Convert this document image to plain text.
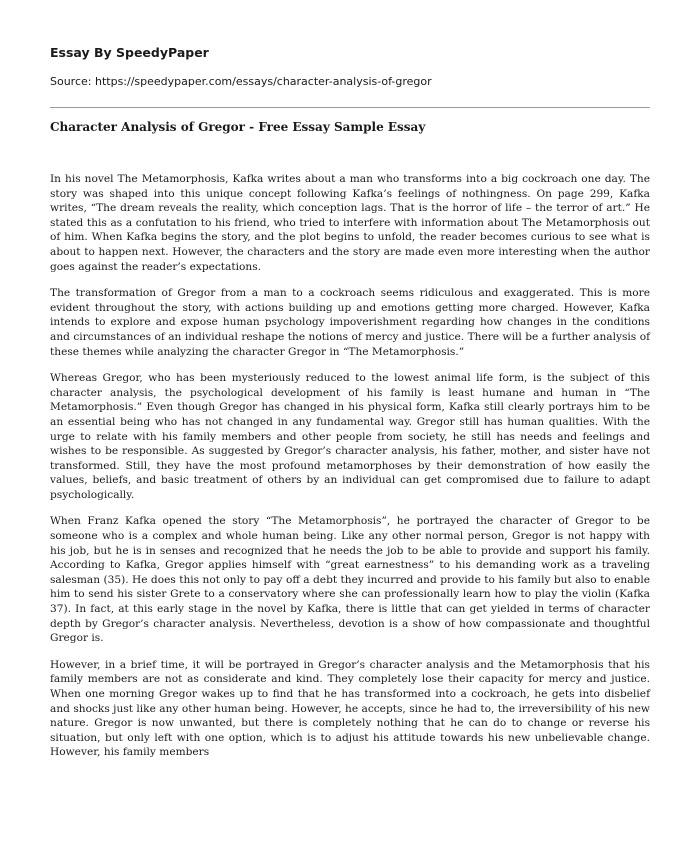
Essay By SpeedyPaper

Source: https://speedypaper.com/essays/character-analysis-of-gregor

Character Analysis of Gregor - Free Essay Sample Essay

In his novel The Metamorphosis, Kafka writes about a man who transforms into a big cockroach one day. The story was shaped into this unique concept following Kafka’s feelings of nothingness. On page 299, Kafka writes, “The dream reveals the reality, which conception lags. That is the horror of life – the terror of art.” He stated this as a confutation to his friend, who tried to interfere with information about The Metamorphosis out of him. When Kafka begins the story, and the plot begins to unfold, the reader becomes curious to see what is about to happen next. However, the characters and the story are made even more interesting when the author goes against the reader’s expectations.

The transformation of Gregor from a man to a cockroach seems ridiculous and exaggerated. This is more evident throughout the story, with actions building up and emotions getting more charged. However, Kafka intends to explore and expose human psychology impoverishment regarding how changes in the conditions and circumstances of an individual reshape the notions of mercy and justice. There will be a further analysis of these themes while analyzing the character Gregor in “The Metamorphosis.”

Whereas Gregor, who has been mysteriously reduced to the lowest animal life form, is the subject of this character analysis, the psychological development of his family is least humane and human in “The Metamorphosis.” Even though Gregor has changed in his physical form, Kafka still clearly portrays him to be an essential being who has not changed in any fundamental way. Gregor still has human qualities. With the urge to relate with his family members and other people from society, he still has needs and feelings and wishes to be responsible. As suggested by Gregor’s character analysis, his father, mother, and sister have not transformed. Still, they have the most profound metamorphoses by their demonstration of how easily the values, beliefs, and basic treatment of others by an individual can get compromised due to failure to adapt psychologically.

When Franz Kafka opened the story “The Metamorphosis”, he portrayed the character of Gregor to be someone who is a complex and whole human being. Like any other normal person, Gregor is not happy with his job, but he is in senses and recognized that he needs the job to be able to provide and support his family. According to Kafka, Gregor applies himself with “great earnestness” to his demanding work as a traveling salesman (35). He does this not only to pay off a debt they incurred and provide to his family but also to enable him to send his sister Grete to a conservatory where she can professionally learn how to play the violin (Kafka 37). In fact, at this early stage in the novel by Kafka, there is little that can get yielded in terms of character depth by Gregor’s character analysis. Nevertheless, devotion is a show of how compassionate and thoughtful Gregor is.

However, in a brief time, it will be portrayed in Gregor’s character analysis and the Metamorphosis that his family members are not as considerate and kind. They completely lose their capacity for mercy and justice. When one morning Gregor wakes up to find that he has transformed into a cockroach, he gets into disbelief and shocks just like any other human being. However, he accepts, since he had to, the irreversibility of his new nature. Gregor is now unwanted, but there is completely nothing that he can do to change or reverse his situation, but only left with one option, which is to adjust his attitude towards his new unbelievable change. However, his family members
